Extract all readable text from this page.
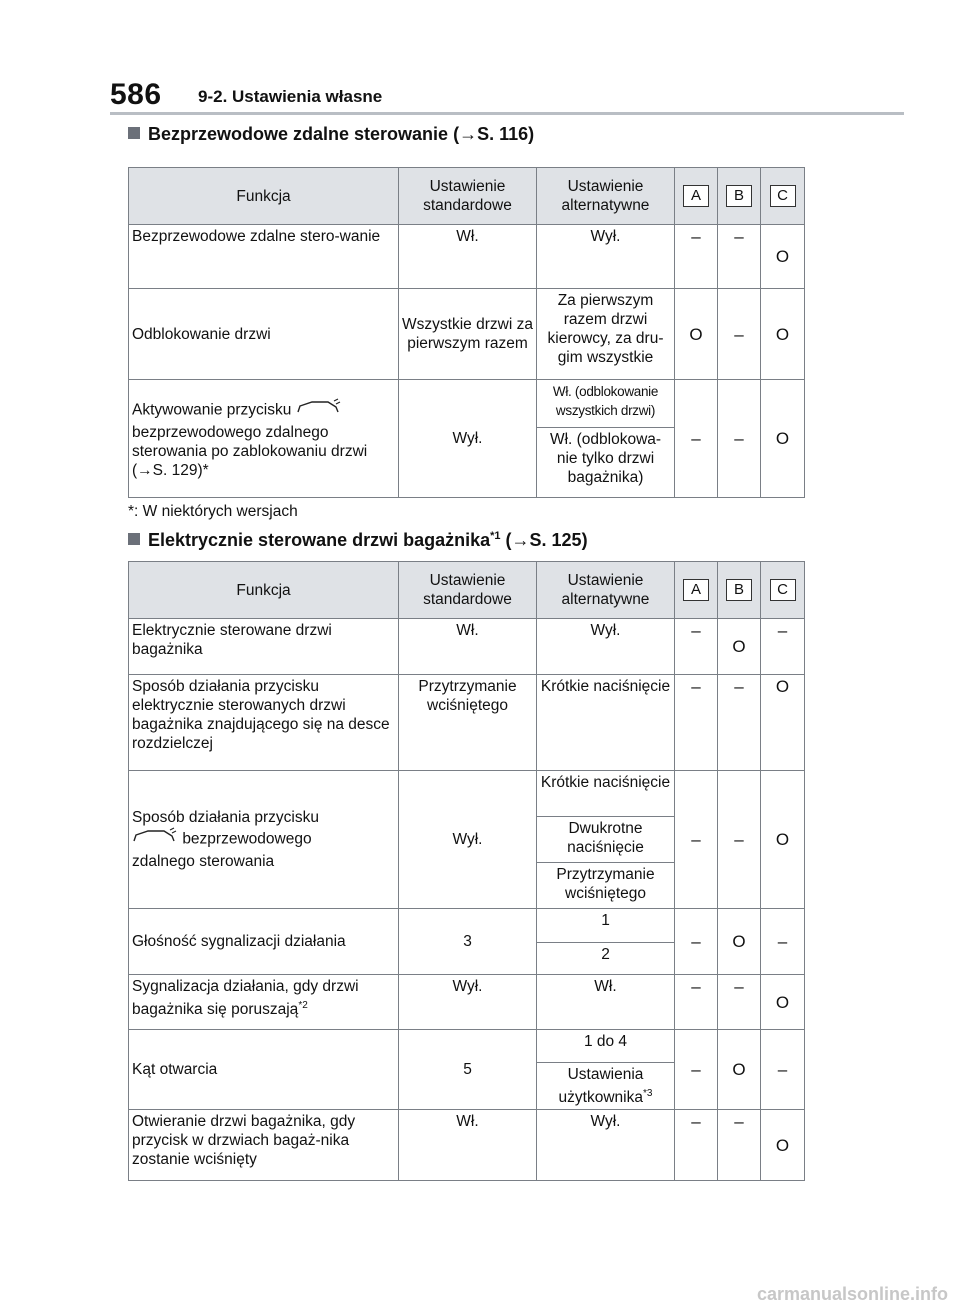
586 9-2. Ustawienia własne
Bezprzewodowe zdalne sterowanie (→S. 116)
Funkcja	Ustawienie standardowe	Ustawienie alternatywne	A	B	C
Bezprzewodowe zdalne stero-wanie	Wł.	Wył.	–	–	O
Odblokowanie drzwi	Wszystkie drzwi za pierwszym razem	Za pierwszym razem drzwi kierowcy, za dru-gim wszystkie	O	–	O
Aktywowanie przycisku
bezprzewodowego zdalnego sterowania po zablokowaniu drzwi (→S. 129)*	Wył.	Wł. (odblokowanie wszystkich drzwi)	–	–	O
		Wł. (odblokowa-nie tylko drzwi bagażnika)			
*: W niektórych wersjach
Elektrycznie sterowane drzwi bagażnika$^{*1}$ (→S. 125)
Funkcja	Ustawienie standardowe	Ustawienie alternatywne	A	B	C
Elektrycznie sterowane drzwi bagażnika	Wł.	Wył.	–	O	–
Sposób działania przycisku elektrycznie sterowanych drzwi bagażnika znajdującego się na desce rozdzielczej	Przytrzymanie wciśniętego	Krótkie naciśnięcie	–	–	O
Sposób działania przycisku
bezprzewodowego
zdalnego sterowania	Wył.	Krótkie naciśnięcie	–	–	O
		Dwukrotne naciśnięcie			
		Przytrzymanie wciśniętego			
Głośność sygnalizacji działania	3	1	–	O	–
		2			
Sygnalizacja działania, gdy drzwi bagażnika się poruszają$^{*2}$	Wył.	Wł.	–	–	O
Kąt otwarcia	5	1 do 4	–	O	–
		Ustawienia użytkownika$^{*3}$
Otwieranie drzwi bagażnika, gdy przycisk w drzwiach bagaż-nika zostanie wciśnięty	Wł.	Wył.	–	–	O
carmanualsonline.info
